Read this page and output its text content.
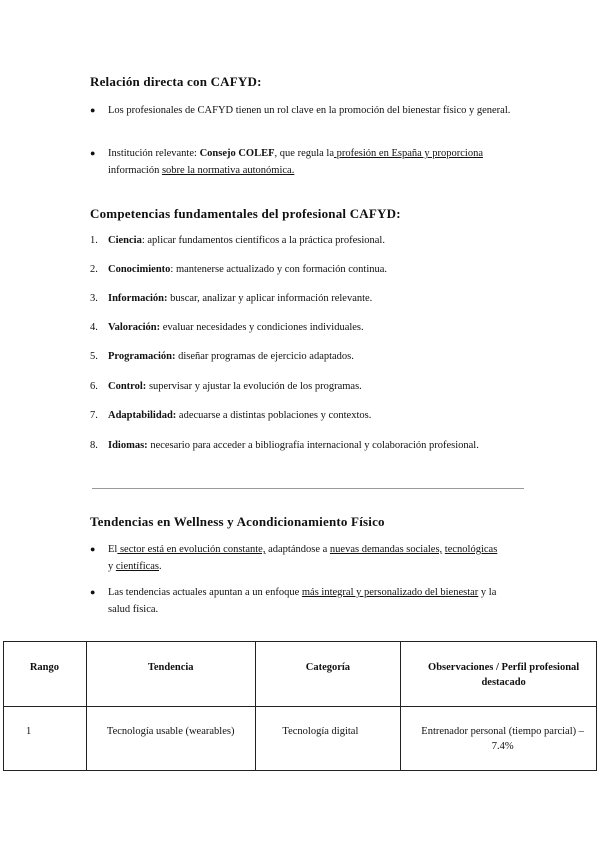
Relación directa con CAFYD:
●	Los profesionales de CAFYD tienen un rol clave en la promoción del bienestar físico y general.
●	Institución relevante: Consejo COLEF, que regula la profesión en España y proporciona
información sobre la normativa autonómica.
Competencias fundamentales del profesional CAFYD:
1. Ciencia: aplicar fundamentos científicos a la práctica profesional.
2. Conocimiento: mantenerse actualizado y con formación continua.
3. Información: buscar, analizar y aplicar información relevante.
4. Valoración: evaluar necesidades y condiciones individuales.
5. Programación: diseñar programas de ejercicio adaptados.
6. Control: supervisar y ajustar la evolución de los programas.
7. Adaptabilidad: adecuarse a distintas poblaciones y contextos.
8. Idiomas: necesario para acceder a bibliografía internacional y colaboración profesional.
Tendencias en Wellness y Acondicionamiento Físico
●	El sector está en evolución constante, adaptándose a nuevas demandas sociales, tecnológicas
y científicas.
●	Las tendencias actuales apuntan a un enfoque más integral y personalizado del bienestar y la
salud física.
Rango	Tendencia	Categoría	Observaciones / Perfil profesional destacado
1	Tecnología usable (wearables)	Tecnología digital	Entrenador personal (tiempo parcial) – 7.4%
